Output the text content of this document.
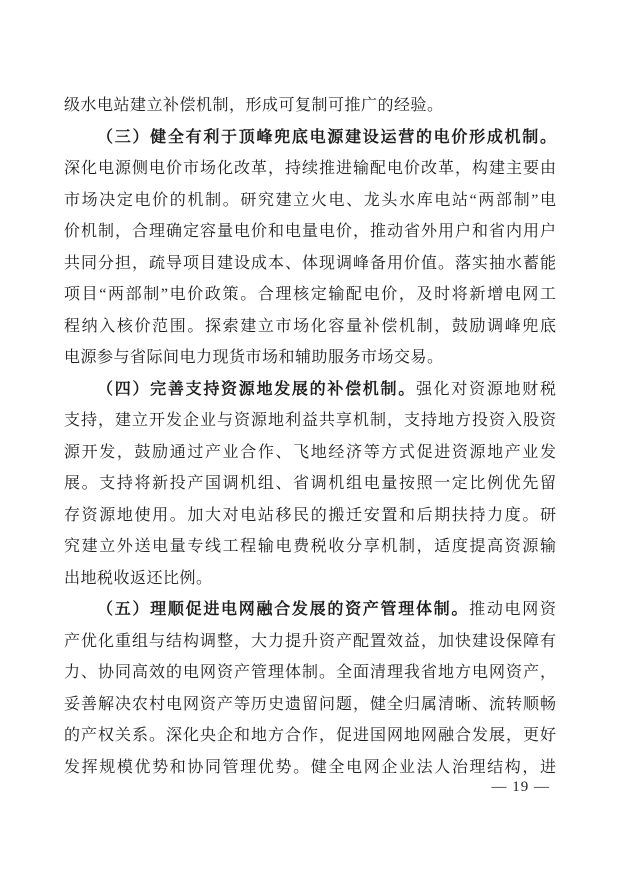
级水电站建立补偿机制，形成可复制可推广的经验。
（三）健全有利于顶峰兜底电源建设运营的电价形成机制。
深化电源侧电价市场化改革，持续推进输配电价改革，构建主要由
市场决定电价的机制。研究建立火电、龙头水库电站“两部制”电
价机制，合理确定容量电价和电量电价，推动省外用户和省内用户
共同分担，疏导项目建设成本、体现调峰备用价值。落实抽水蓄能
项目“两部制”电价政策。合理核定输配电价，及时将新增电网工
程纳入核价范围。探索建立市场化容量补偿机制，鼓励调峰兜底
电源参与省际间电力现货市场和辅助服务市场交易。
（四）完善支持资源地发展的补偿机制。强化对资源地财税
支持，建立开发企业与资源地利益共享机制，支持地方投资入股资
源开发，鼓励通过产业合作、飞地经济等方式促进资源地产业发
展。支持将新投产国调机组、省调机组电量按照一定比例优先留
存资源地使用。加大对电站移民的搬迁安置和后期扶持力度。研
究建立外送电量专线工程输电费税收分享机制，适度提高资源输
出地税收返还比例。
（五）理顺促进电网融合发展的资产管理体制。推动电网资
产优化重组与结构调整，大力提升资产配置效益，加快建设保障有
力、协同高效的电网资产管理体制。全面清理我省地方电网资产，
妥善解决农村电网资产等历史遗留问题，健全归属清晰、流转顺畅
的产权关系。深化央企和地方合作，促进国网地网融合发展，更好
发挥规模优势和协同管理优势。健全电网企业法人治理结构，进
— 19 —
